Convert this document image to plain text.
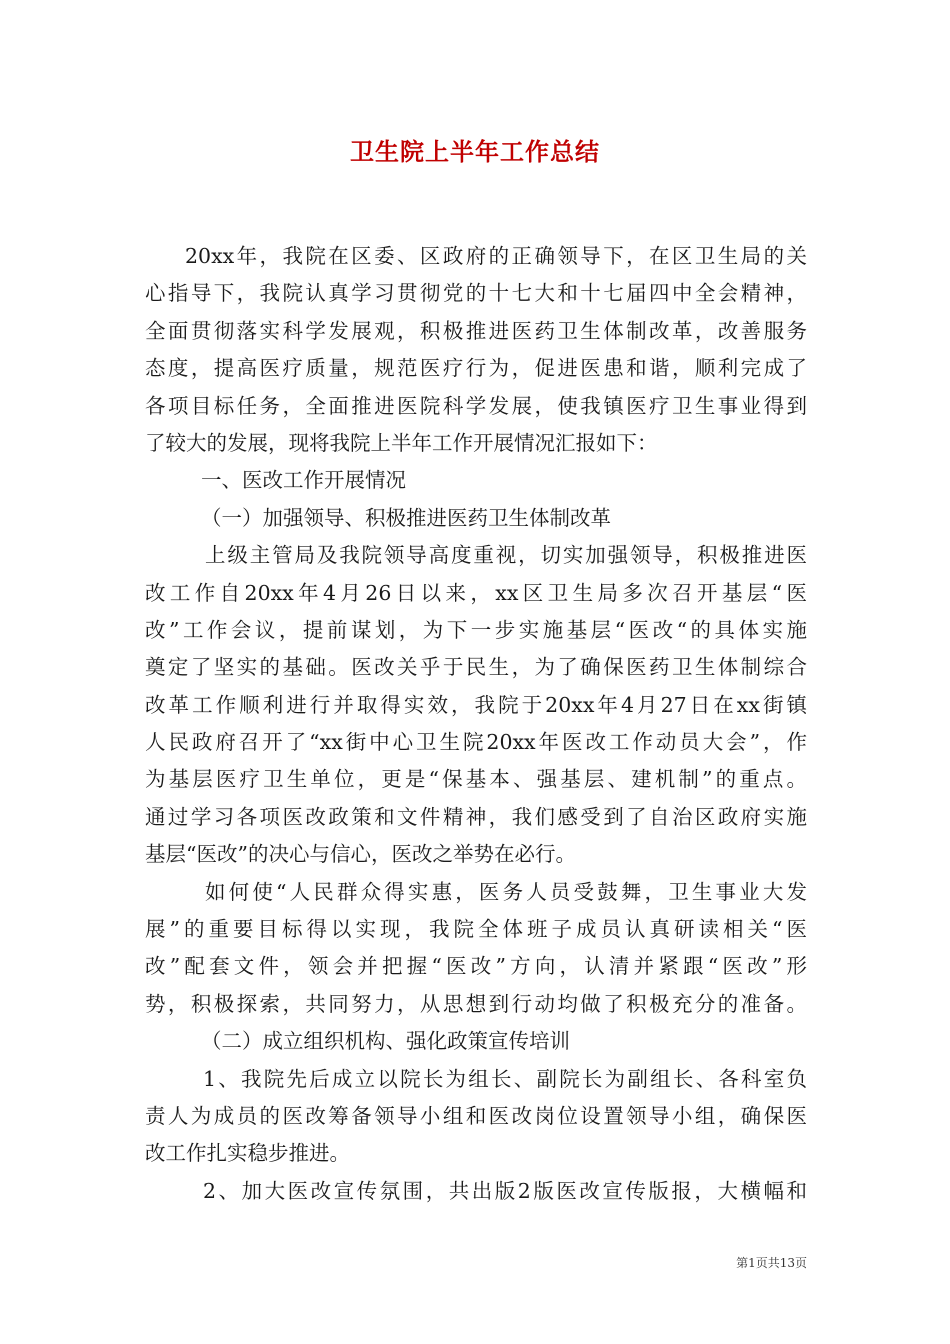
卫生院上半年工作总结
20xx年，我院在区委、区政府的正确领导下，在区卫生局的关
心指导下，我院认真学习贯彻党的十七大和十七届四中全会精神，
全面贯彻落实科学发展观，积极推进医药卫生体制改革，改善服务
态度，提高医疗质量，规范医疗行为，促进医患和谐，顺利完成了
各项目标任务，全面推进医院科学发展，使我镇医疗卫生事业得到
了较大的发展，现将我院上半年工作开展情况汇报如下：
一、医改工作开展情况
（一）加强领导、积极推进医药卫生体制改革
上级主管局及我院领导高度重视，切实加强领导，积极推进医
改工作自20xx年4月26日以来，xx区卫生局多次召开基层“医
改”工作会议，提前谋划，为下一步实施基层“医改“的具体实施
奠定了坚实的基础。医改关乎于民生，为了确保医药卫生体制综合
改革工作顺利进行并取得实效，我院于20xx年4月27日在xx街镇
人民政府召开了“xx街中心卫生院20xx年医改工作动员大会”，作
为基层医疗卫生单位，更是“保基本、强基层、建机制”的重点。
通过学习各项医改政策和文件精神，我们感受到了自治区政府实施
基层“医改”的决心与信心，医改之举势在必行。
如何使“人民群众得实惠，医务人员受鼓舞，卫生事业大发
展”的重要目标得以实现，我院全体班子成员认真研读相关“医
改”配套文件，领会并把握“医改”方向，认清并紧跟“医改”形
势，积极探索，共同努力，从思想到行动均做了积极充分的准备。
（二）成立组织机构、强化政策宣传培训
1、我院先后成立以院长为组长、副院长为副组长、各科室负
责人为成员的医改筹备领导小组和医改岗位设置领导小组，确保医
改工作扎实稳步推进。
2、加大医改宣传氛围，共出版2版医改宣传版报，大横幅和
第1页共13页
